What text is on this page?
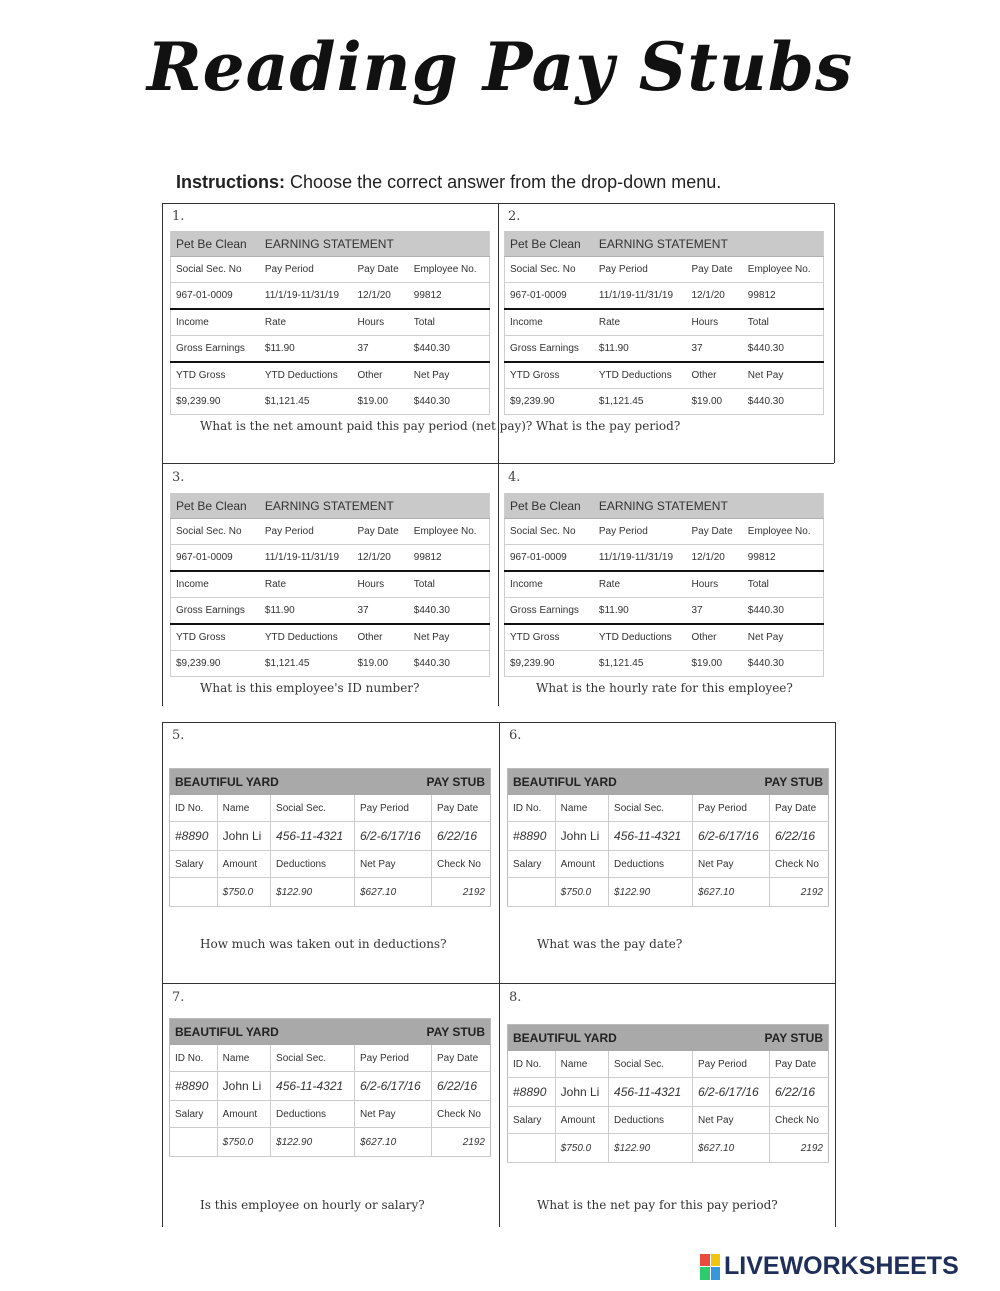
Reading Pay Stubs
Instructions: Choose the correct answer from the drop-down menu.
1.
Pet Be Clean	EARNING STATEMENT		
Social Sec. No	Pay Period	Pay Date	Employee No.
967-01-0009	11/1/19-11/31/19	12/1/20	99812
Income	Rate	Hours	Total
Gross Earnings	$11.90	37	$440.30
YTD Gross	YTD Deductions	Other	Net Pay
$9,239.90	$1,121.45	$19.00	$440.30
What is the net amount paid this pay period (net pay)?
2.
Pet Be Clean	EARNING STATEMENT		
Social Sec. No	Pay Period	Pay Date	Employee No.
967-01-0009	11/1/19-11/31/19	12/1/20	99812
Income	Rate	Hours	Total
Gross Earnings	$11.90	37	$440.30
YTD Gross	YTD Deductions	Other	Net Pay
$9,239.90	$1,121.45	$19.00	$440.30
What is the pay period?
3.
Pet Be Clean	EARNING STATEMENT		
Social Sec. No	Pay Period	Pay Date	Employee No.
967-01-0009	11/1/19-11/31/19	12/1/20	99812
Income	Rate	Hours	Total
Gross Earnings	$11.90	37	$440.30
YTD Gross	YTD Deductions	Other	Net Pay
$9,239.90	$1,121.45	$19.00	$440.30
What is this employee's ID number?
4.
Pet Be Clean	EARNING STATEMENT		
Social Sec. No	Pay Period	Pay Date	Employee No.
967-01-0009	11/1/19-11/31/19	12/1/20	99812
Income	Rate	Hours	Total
Gross Earnings	$11.90	37	$440.30
YTD Gross	YTD Deductions	Other	Net Pay
$9,239.90	$1,121.45	$19.00	$440.30
What is the hourly rate for this employee?
5.
BEAUTIFUL YARD			PAY STUB	
ID No.	Name	Social Sec.	Pay Period	Pay Date
#8890	John Li	456-11-4321	6/2-6/17/16	6/22/16
Salary	Amount	Deductions	Net Pay	Check No
	$750.0	$122.90	$627.10	2192
How much was taken out in deductions?
6.
BEAUTIFUL YARD			PAY STUB	
ID No.	Name	Social Sec.	Pay Period	Pay Date
#8890	John Li	456-11-4321	6/2-6/17/16	6/22/16
Salary	Amount	Deductions	Net Pay	Check No
	$750.0	$122.90	$627.10	2192
What was the pay date?
7.
BEAUTIFUL YARD			PAY STUB	
ID No.	Name	Social Sec.	Pay Period	Pay Date
#8890	John Li	456-11-4321	6/2-6/17/16	6/22/16
Salary	Amount	Deductions	Net Pay	Check No
	$750.0	$122.90	$627.10	2192
Is this employee on hourly or salary?
8.
BEAUTIFUL YARD			PAY STUB	
ID No.	Name	Social Sec.	Pay Period	Pay Date
#8890	John Li	456-11-4321	6/2-6/17/16	6/22/16
Salary	Amount	Deductions	Net Pay	Check No
	$750.0	$122.90	$627.10	2192
What is the net pay for this pay period?
LIVEWORKSHEETS
